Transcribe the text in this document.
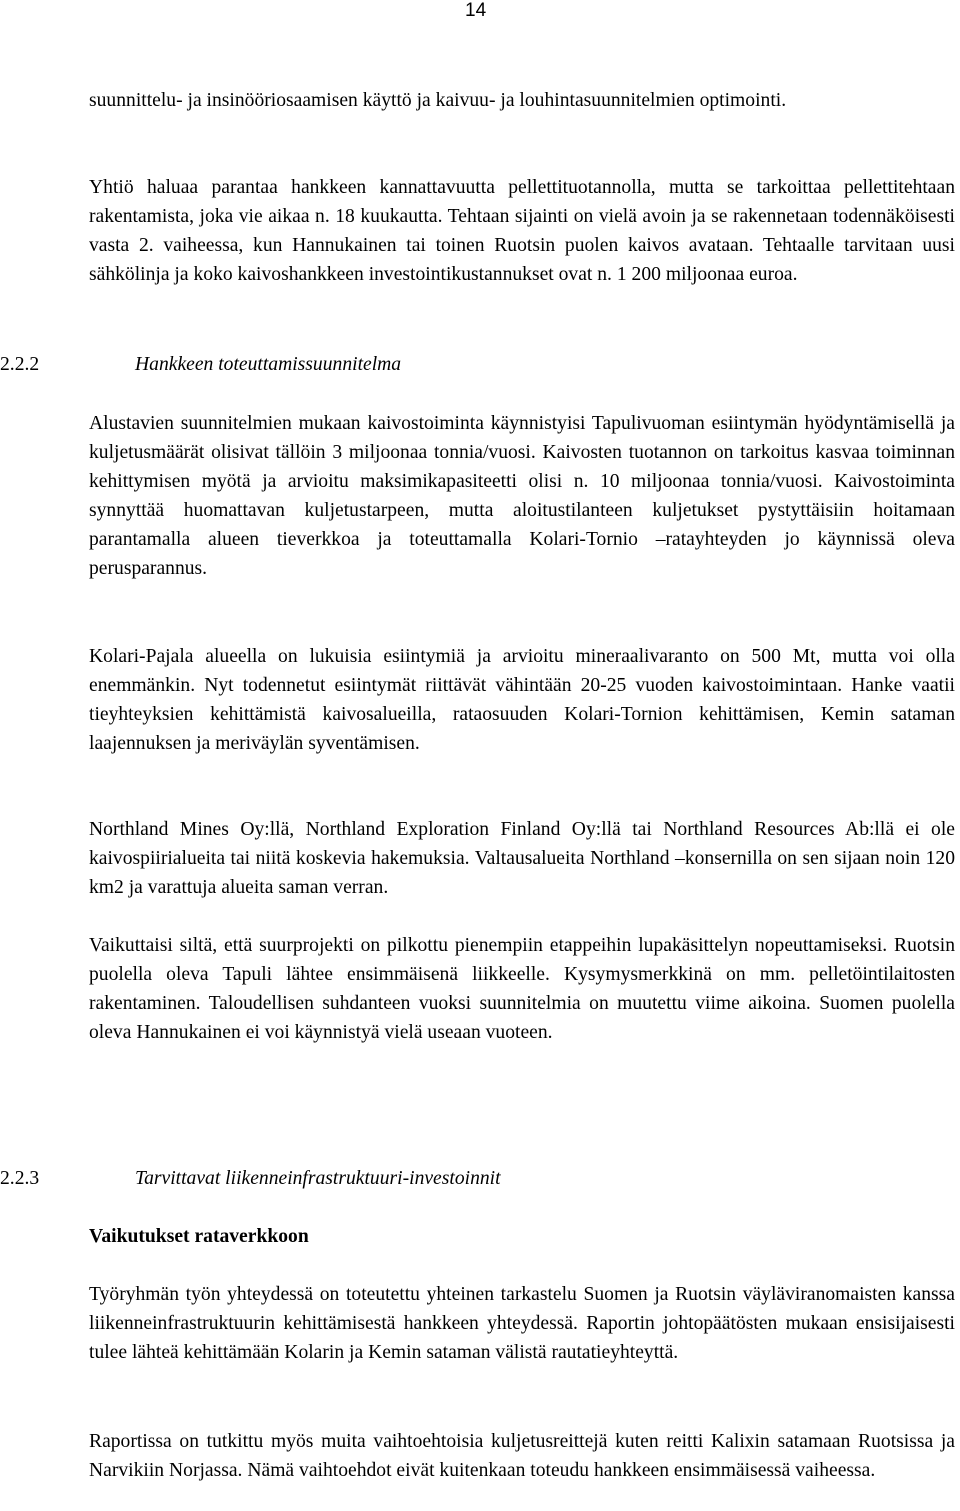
14

suunnittelu- ja insinööriosaamisen käyttö ja kaivuu- ja louhintasuunnitelmien optimointi.

Yhtiö haluaa parantaa hankkeen kannattavuutta pellettituotannolla, mutta se tarkoittaa pellettitehtaan rakentamista, joka vie aikaa n. 18 kuukautta. Tehtaan sijainti on vielä avoin ja se rakennetaan todennäköisesti vasta 2. vaiheessa, kun Hannukainen tai toinen Ruotsin puolen kaivos avataan. Tehtaalle tarvitaan uusi sähkölinja ja koko kaivoshankkeen investointikustannukset ovat n. 1 200 miljoonaa euroa.

2.2.2	Hankkeen toteuttamissuunnitelma

Alustavien suunnitelmien mukaan kaivostoiminta käynnistyisi Tapulivuoman esiintymän hyödyntämisellä ja kuljetusmäärät olisivat tällöin 3 miljoonaa tonnia/vuosi. Kaivosten tuotannon on tarkoitus kasvaa toiminnan kehittymisen myötä ja arvioitu maksimikapasiteetti olisi n. 10 miljoonaa tonnia/vuosi. Kaivostoiminta synnyttää huomattavan kuljetustarpeen, mutta aloitustilanteen kuljetukset pystyttäisiin hoitamaan parantamalla alueen tieverkkoa ja toteuttamalla Kolari-Tornio –ratayhteyden jo käynnissä oleva perusparannus.

Kolari-Pajala alueella on lukuisia esiintymiä ja arvioitu mineraalivaranto on 500 Mt, mutta voi olla enemmänkin. Nyt todennetut esiintymät riittävät vähintään 20-25 vuoden kaivostoimintaan. Hanke vaatii tieyhteyksien kehittämistä kaivosalueilla, rataosuuden Kolari-Tornion kehittämisen, Kemin sataman laajennuksen ja meriväylän syventämisen.

Northland Mines Oy:llä, Northland Exploration Finland Oy:llä tai Northland Resources Ab:llä ei ole kaivospiirialueita tai niitä koskevia hakemuksia. Valtausalueita Northland –konsernilla on sen sijaan noin 120 km2 ja varattuja alueita saman verran.

Vaikuttaisi siltä, että suurprojekti on pilkottu pienempiin etappeihin lupakäsittelyn nopeuttamiseksi. Ruotsin puolella oleva Tapuli lähtee ensimmäisenä liikkeelle. Kysymysmerkkinä on mm. pelletöintilaitosten rakentaminen. Taloudellisen suhdanteen vuoksi suunnitelmia on muutettu viime aikoina. Suomen puolella oleva Hannukainen ei voi käynnistyä vielä useaan vuoteen.

2.2.3	Tarvittavat liikenneinfrastruktuuri-investoinnit
Vaikutukset rataverkkoon

Työryhmän työn yhteydessä on toteutettu yhteinen tarkastelu Suomen ja Ruotsin väyläviranomaisten kanssa liikenneinfrastruktuurin kehittämisestä hankkeen yhteydessä. Raportin johtopäätösten mukaan ensisijaisesti tulee lähteä kehittämään Kolarin ja Kemin sataman välistä rautatieyhteyttä.

Raportissa on tutkittu myös muita vaihtoehtoisia kuljetusreittejä kuten reitti Kalixin satamaan Ruotsissa ja Narvikiin Norjassa. Nämä vaihtoehdot eivät kuitenkaan toteudu hankkeen ensimmäisessä vaiheessa.
